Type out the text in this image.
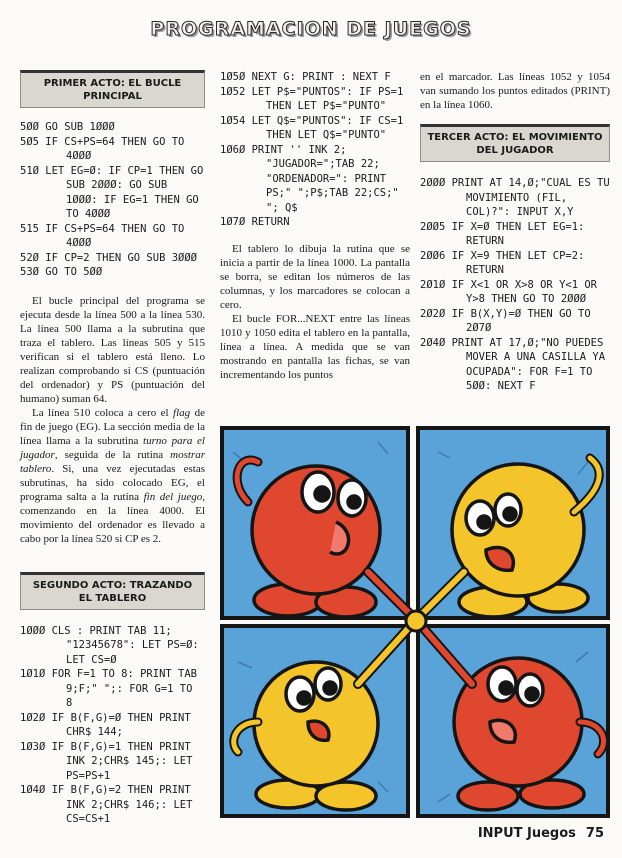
PROGRAMACION DE JUEGOS
PRIMER ACTO: EL BUCLE PRINCIPAL
5ØØ GO SUB 1ØØØ
5Ø5 IF CS+PS=64 THEN GO TO 4ØØØ
51Ø LET EG=Ø: IF CP=1 THEN GO SUB 2ØØØ: GO SUB 1ØØØ: IF EG=1 THEN GO TO 4ØØØ
515 IF CS+PS=64 THEN GO TO 4ØØØ
52Ø IF CP=2 THEN GO SUB 3ØØØ
53Ø GO TO 5ØØ

El bucle principal del programa se ejecuta desde la línea 500 a la línea 530. La línea 500 llama a la subrutina que traza el tablero. Las líneas 505 y 515 verifican si el tablero está lleno. Lo realizan comprobando si CS (puntuación del ordenador) y PS (puntuación del humano) suman 64.

La línea 510 coloca a cero el flag de fin de juego (EG). La sección media de la línea llama a la subrutina turno para el jugador, seguida de la rutina mostrar tablero. Si, una vez ejecutadas estas subrutinas, ha sido colocado EG, el programa salta a la rutina fin del juego, comenzando en la línea 4000. El movimiento del ordenador es llevado a cabo por la línea 520 si CP es 2.

SEGUNDO ACTO: TRAZANDO EL TABLERO
1ØØØ CLS : PRINT TAB 11; "12345678": LET PS=Ø: LET CS=Ø
1Ø1Ø FOR F=1 TO 8: PRINT TAB 9;F;" ";: FOR G=1 TO 8
1Ø2Ø IF B(F,G)=Ø THEN PRINT CHR$ 144;
1Ø3Ø IF B(F,G)=1 THEN PRINT INK 2;CHR$ 145;: LET PS=PS+1
1Ø4Ø IF B(F,G)=2 THEN PRINT INK 2;CHR$ 146;: LET CS=CS+1
1Ø5Ø NEXT G: PRINT : NEXT F
1Ø52 LET P$="PUNTOS": IF PS=1 THEN LET P$="PUNTO"
1Ø54 LET Q$="PUNTOS": IF CS=1 THEN LET Q$="PUNTO"
1Ø6Ø PRINT '' INK 2; "JUGADOR=";TAB 22; "ORDENADOR=": PRINT PS;" ";P$;TAB 22;CS;" "; Q$
1Ø7Ø RETURN

El tablero lo dibuja la rutina que se inicia a partir de la línea 1000. La pantalla se borra, se editan los números de las columnas, y los marcadores se colocan a cero.

El bucle FOR...NEXT entre las líneas 1010 y 1050 edita el tablero en la pantalla, línea a línea. A medida que se van mostrando en pantalla las fichas, se van incrementando los puntos

en el marcador. Las líneas 1052 y 1054 van sumando los puntos editados (PRINT) en la línea 1060.

TERCER ACTO: EL MOVIMIENTO DEL JUGADOR
2ØØØ PRINT AT 14,Ø;"CUAL ES TU MOVIMIENTO (FIL, COL)?": INPUT X,Y
2ØØ5 IF X=Ø THEN LET EG=1: RETURN
2ØØ6 IF X=9 THEN LET CP=2: RETURN
2Ø1Ø IF X<1 OR X>8 OR Y<1 OR Y>8 THEN GO TO 2ØØØ
2Ø2Ø IF B(X,Y)=Ø THEN GO TO 2Ø7Ø
2Ø4Ø PRINT AT 17,Ø;"NO PUEDES MOVER A UNA CASILLA YA OCUPADA": FOR F=1 TO 5ØØ: NEXT F
INPUT Juegos 75
